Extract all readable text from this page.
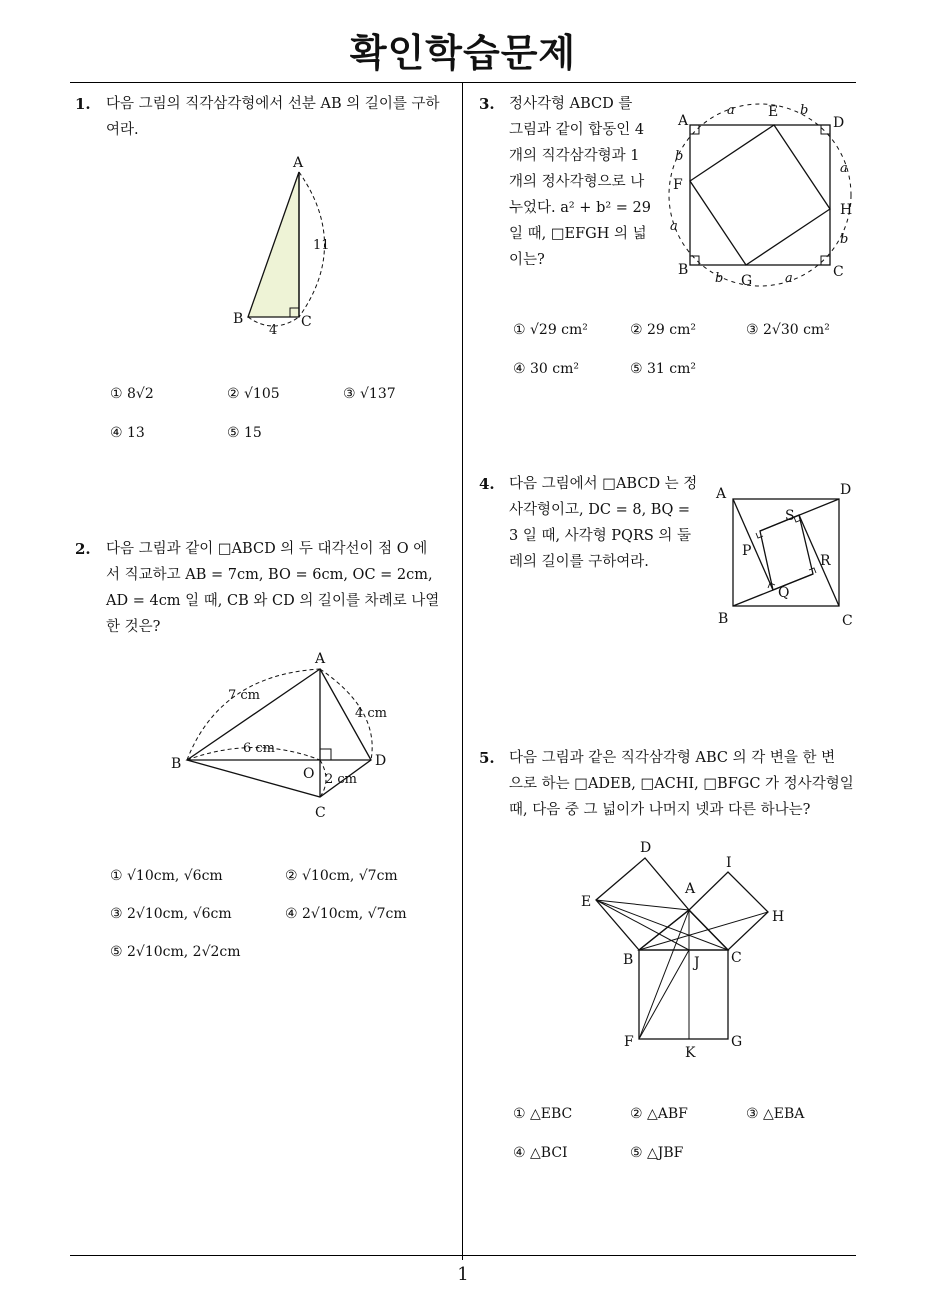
확인학습문제
1
1. 다음 그림의 직각삼각형에서 선분 AB 의 길이를 구하
여라.
A
B	C
11
4
① 8√2	② √105	③ √137
④ 13	⑤ 15
2. 다음 그림과 같이 □ABCD 의 두 대각선이 점 O 에
서 직교하고 AB = 7cm, BO = 6cm, OC = 2cm,
AD = 4cm 일 때, CB 와 CD 의 길이를 차례로 나열
한 것은?
A
B
C
D
O
7 cm
6 cm
4 cm
2 cm
① √10cm, √6cm	② √10cm, √7cm
③ 2√10cm, √6cm	④ 2√10cm, √7cm
⑤ 2√10cm, 2√2cm
3. 정사각형 ABCD 를
그림과 같이 합동인 4
개의 직각삼각형과 1
개의 정사각형으로 나
누었다. a² + b² = 29
일 때, □EFGH 의 넓
이는?
A	D
B	C
E
F
G
H
a	b
b
a
a
b
b	a
① √29 cm²	② 29 cm²	③ 2√30 cm²
④ 30 cm²	⑤ 31 cm²
4. 다음 그림에서 □ABCD 는 정
사각형이고, DC = 8, BQ =
3 일 때, 사각형 PQRS 의 둘
레의 길이를 구하여라.
A	D
B	C
P
Q
R
S
5. 다음 그림과 같은 직각삼각형 ABC 의 각 변을 한 변
으로 하는 □ADEB, □ACHI, □BFGC 가 정사각형일
때, 다음 중 그 넓이가 나머지 넷과 다른 하나는?
A
B	C
D
E
F	G
H
I
J
K
① △EBC	② △ABF	③ △EBA
④ △BCI	⑤ △JBF
